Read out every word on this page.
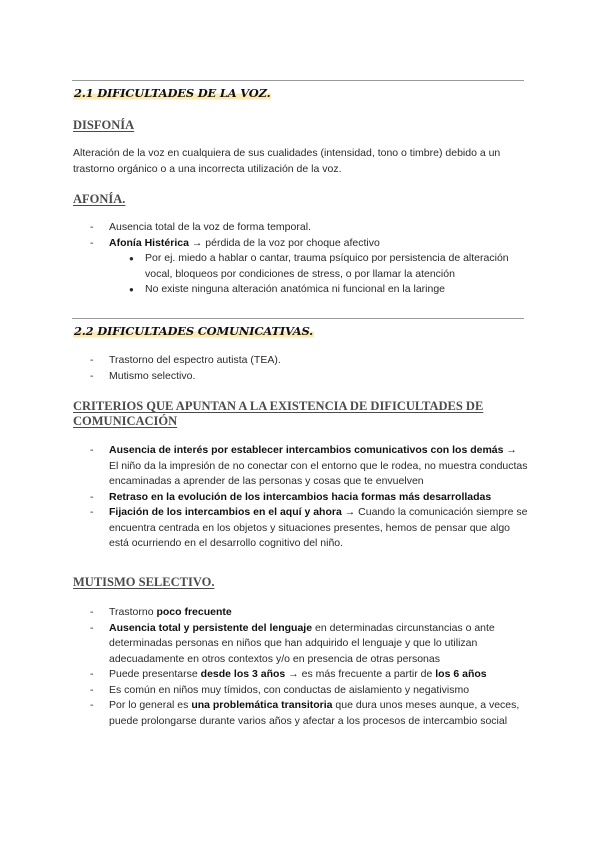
2.1 DIFICULTADES DE LA VOZ.
DISFONÍA

Alteración de la voz en cualquiera de sus cualidades (intensidad, tono o timbre) debido a un trastorno orgánico o a una incorrecta utilización de la voz.

AFONÍA.
- Ausencia total de la voz de forma temporal.
- Afonía Histérica → pérdida de la voz por choque afectivo
● Por ej. miedo a hablar o cantar, trauma psíquico por persistencia de alteración vocal, bloqueos por condiciones de stress, o por llamar la atención
● No existe ninguna alteración anatómica ni funcional en la laringe
2.2 DIFICULTADES COMUNICATIVAS.
- Trastorno del espectro autista (TEA).
- Mutismo selectivo.
CRITERIOS QUE APUNTAN A LA EXISTENCIA DE DIFICULTADES DE COMUNICACIÓN
- Ausencia de interés por establecer intercambios comunicativos con los demás → El niño da la impresión de no conectar con el entorno que le rodea, no muestra conductas encaminadas a aprender de las personas y cosas que te envuelven
- Retraso en la evolución de los intercambios hacia formas más desarrolladas
- Fijación de los intercambios en el aquí y ahora → Cuando la comunicación siempre se encuentra centrada en los objetos y situaciones presentes, hemos de pensar que algo está ocurriendo en el desarrollo cognitivo del niño.
MUTISMO SELECTIVO.
- Trastorno poco frecuente
- Ausencia total y persistente del lenguaje en determinadas circunstancias o ante determinadas personas en niños que han adquirido el lenguaje y que lo utilizan adecuadamente en otros contextos y/o en presencia de otras personas
- Puede presentarse desde los 3 años → es más frecuente a partir de los 6 años
- Es común en niños muy tímidos, con conductas de aislamiento y negativismo
- Por lo general es una problemática transitoria que dura unos meses aunque, a veces, puede prolongarse durante varios años y afectar a los procesos de intercambio social
